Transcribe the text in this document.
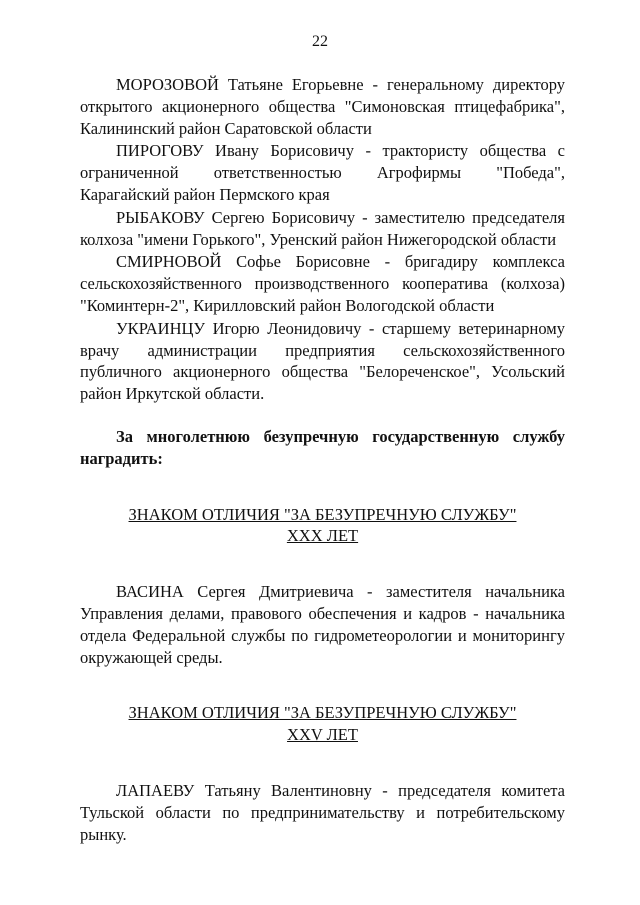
22

МОРОЗОВОЙ Татьяне Егорьевне - генеральному директору открытого акционерного общества "Симоновская птицефабрика", Калининский район Саратовской области

ПИРОГОВУ Ивану Борисовичу - трактористу общества с ограниченной ответственностью Агрофирмы "Победа", Карагайский район Пермского края

РЫБАКОВУ Сергею Борисовичу - заместителю председателя колхоза "имени Горького", Уренский район Нижегородской области

СМИРНОВОЙ Софье Борисовне - бригадиру комплекса сельскохозяйственного производственного кооператива (колхоза) "Коминтерн-2", Кирилловский район Вологодской области

УКРАИНЦУ Игорю Леонидовичу - старшему ветеринарному врачу администрации предприятия сельскохозяйственного публичного акционерного общества "Белореченское", Усольский район Иркутской области.

За многолетнюю безупречную государственную службу наградить:

ЗНАКОМ ОТЛИЧИЯ "ЗА БЕЗУПРЕЧНУЮ СЛУЖБУ"
XXX ЛЕТ

ВАСИНА Сергея Дмитриевича - заместителя начальника Управления делами, правового обеспечения и кадров - начальника отдела Федеральной службы по гидрометеорологии и мониторингу окружающей среды.

ЗНАКОМ ОТЛИЧИЯ "ЗА БЕЗУПРЕЧНУЮ СЛУЖБУ"
XXV ЛЕТ

ЛАПАЕВУ Татьяну Валентиновну - председателя комитета Тульской области по предпринимательству и потребительскому рынку.
